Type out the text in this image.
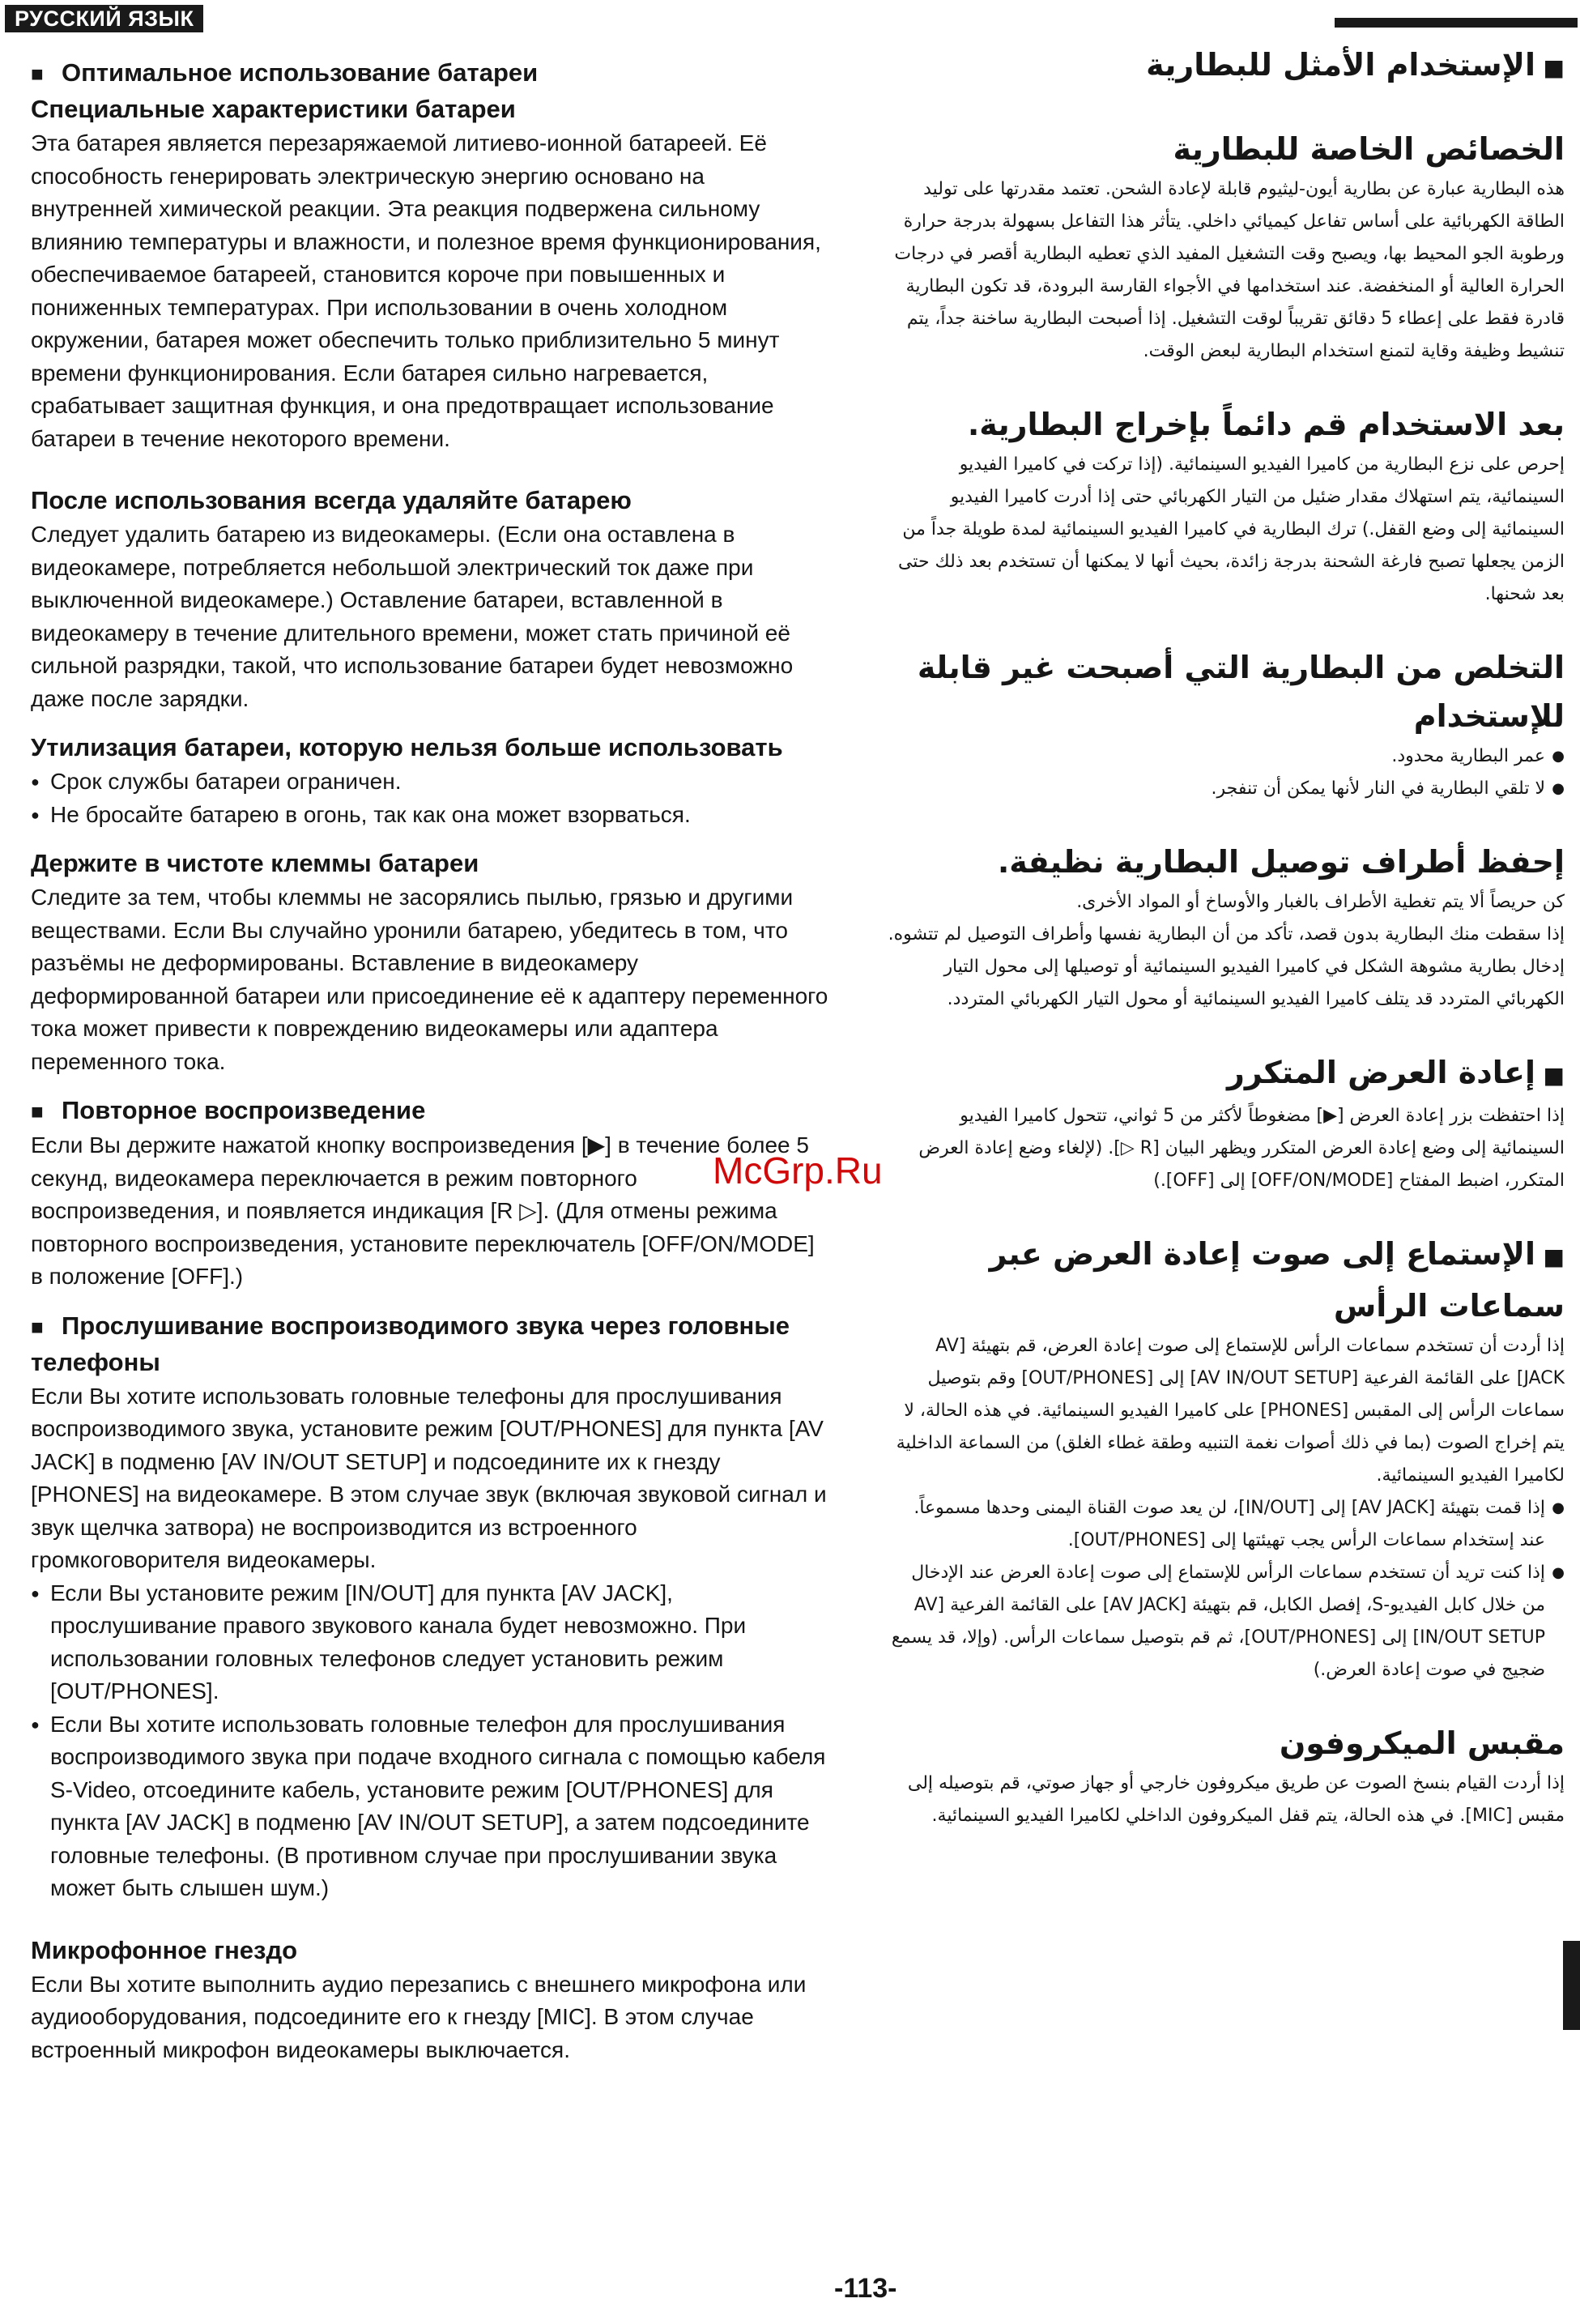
РУССКИЙ ЯЗЫК
■ Оптимальное использование батареи
Специальные характеристики батареи

Эта батарея является перезаряжаемой литиево-ионной батареей. Её способность генерировать электрическую энергию основано на внутренней химической реакции. Эта реакция подвержена сильному влиянию температуры и влажности, и полезное время функционирования, обеспечиваемое батареей, становится короче при повышенных и пониженных температурах. При использовании в очень холодном окружении, батарея может обеспечить только приблизительно 5 минут времени функционирования. Если батарея сильно нагревается, срабатывает защитная функция, и она предотвращает использование батареи в течение некоторого времени.

После использования всегда удаляйте батарею

Следует удалить батарею из видеокамеры. (Если она оставлена в видеокамере, потребляется небольшой электрический ток даже при выключенной видеокамере.) Оставление батареи, вставленной в видеокамеру в течение длительного времени, может стать причиной её сильной разрядки, такой, что использование батареи будет невозможно даже после зарядки.

Утилизация батареи, которую нельзя больше использовать

● Срок службы батареи ограничен.

● Не бросайте батарею в огонь, так как она может взорваться.

Держите в чистоте клеммы батареи

Следите за тем, чтобы клеммы не засорялись пылью, грязью и другими веществами. Если Вы случайно уронили батарею, убедитесь в том, что разъёмы не деформированы. Вставление в видеокамеру деформированной батареи или присоединение её к адаптеру переменного тока может привести к повреждению видеокамеры или адаптера переменного тока.

■ Повторное воспроизведение

Если Вы держите нажатой кнопку воспроизведения [▶] в течение более 5 секунд, видеокамера переключается в режим повторного воспроизведения, и появляется индикация [R ▷]. (Для отмены режима повторного воспроизведения, установите переключатель [OFF/ON/MODE] в положение [OFF].)

■ Прослушивание воспроизводимого звука через головные телефоны

Если Вы хотите использовать головные телефоны для прослушивания воспроизводимого звука, установите режим [OUT/PHONES] для пункта [AV JACK] в подменю [AV IN/OUT SETUP] и подсоедините их к гнезду [PHONES] на видеокамере. В этом случае звук (включая звуковой сигнал и звук щелчка затвора) не воспроизводится из встроенного громкоговорителя видеокамеры.

● Если Вы установите режим [IN/OUT] для пункта [AV JACK], прослушивание правого звукового канала будет невозможно. При использовании головных телефонов следует установить режим [OUT/PHONES].

● Если Вы хотите использовать головные телефон для прослушивания воспроизводимого звука при подаче входного сигнала с помощью кабеля S-Video, отсоедините кабель, установите режим [OUT/PHONES] для пункта [AV JACK] в подменю [AV IN/OUT SETUP], а затем подсоедините головные телефоны. (В противном случае при прослушивании звука может быть слышен шум.)

Микрофонное гнездо

Если Вы хотите выполнить аудио перезапись с внешнего микрофона или аудиооборудования, подсоедините его к гнезду [MIC]. В этом случае встроенный микрофон видеокамеры выключается.

■ الإستخدام الأمثل للبطارية
الخصائص الخاصة للبطارية

هذه البطارية عبارة عن بطارية أيون-ليثيوم قابلة لإعادة الشحن. تعتمد مقدرتها على توليد الطاقة الكهربائية على أساس تفاعل كيميائي داخلي. يتأثر هذا التفاعل بسهولة بدرجة حرارة ورطوبة الجو المحيط بها، ويصبح وقت التشغيل المفيد الذي تعطيه البطارية أقصر في درجات الحرارة العالية أو المنخفضة. عند استخدامها في الأجواء القارسة البرودة، قد تكون البطارية قادرة فقط على إعطاء 5 دقائق تقريباً لوقت التشغيل. إذا أصبحت البطارية ساخنة جداً، يتم تنشيط وظيفة وقاية لتمنع استخدام البطارية لبعض الوقت.

بعد الاستخدام قم دائماً بإخراج البطارية.

إحرص على نزع البطارية من كاميرا الفيديو السينمائية. (إذا تركت في كاميرا الفيديو السينمائية، يتم استهلاك مقدار ضئيل من التيار الكهربائي حتى إذا أدرت كاميرا الفيديو السينمائية إلى وضع القفل.) ترك البطارية في كاميرا الفيديو السينمائية لمدة طويلة جداً من الزمن يجعلها تصبح فارغة الشحنة بدرجة زائدة، بحيث أنها لا يمكنها أن تستخدم بعد ذلك حتى بعد شحنها.

التخلص من البطارية التي أصبحت غير قابلة للإستخدام

● عمر البطارية محدود.

● لا تلقي البطارية في النار لأنها يمكن أن تنفجر.

إحفظ أطراف توصيل البطارية نظيفة.

كن حريصاً ألا يتم تغطية الأطراف بالغبار والأوساخ أو المواد الأخرى.

إذا سقطت منك البطارية بدون قصد، تأكد من أن البطارية نفسها وأطراف التوصيل لم تتشوه.

إدخال بطارية مشوهة الشكل في كاميرا الفيديو السينمائية أو توصيلها إلى محول التيار الكهربائي المتردد قد يتلف كاميرا الفيديو السينمائية أو محول التيار الكهربائي المتردد.

■ إعادة العرض المتكرر

إذا احتفظت بزر إعادة العرض [▶] مضغوطاً لأكثر من 5 ثواني، تتحول كاميرا الفيديو السينمائية إلى وضع إعادة العرض المتكرر ويظهر البيان [R ▷]. (لإلغاء وضع إعادة العرض المتكرر، اضبط المفتاح [OFF/ON/MODE] إلى [OFF].)

■ الإستماع إلى صوت إعادة العرض عبر سماعات الرأس

إذا أردت أن تستخدم سماعات الرأس للإستماع إلى صوت إعادة العرض، قم بتهيئة [AV JACK] على القائمة الفرعية [AV IN/OUT SETUP] إلى [OUT/PHONES] وقم بتوصيل سماعات الرأس إلى المقبس [PHONES] على كاميرا الفيديو السينمائية. في هذه الحالة، لا يتم إخراج الصوت (بما في ذلك أصوات نغمة التنبيه وطقة غطاء الغلق) من السماعة الداخلية لكاميرا الفيديو السينمائية.

● إذا قمت بتهيئة [AV JACK] إلى [IN/OUT]، لن يعد صوت القناة اليمنى وحدها مسموعاً. عند إستخدام سماعات الرأس يجب تهيئتها إلى [OUT/PHONES].

● إذا كنت تريد أن تستخدم سماعات الرأس للإستماع إلى صوت إعادة العرض عند الإدخال من خلال كابل الفيديو-S، إفصل الكابل، قم بتهيئة [AV JACK] على القائمة الفرعية [AV IN/OUT SETUP] إلى [OUT/PHONES]، ثم قم بتوصيل سماعات الرأس. (وإلا، قد يسمع ضجيج في صوت إعادة العرض.)

مقبس الميكروفون

إذا أردت القيام بنسخ الصوت عن طريق ميكروفون خارجي أو جهاز صوتي، قم بتوصيله إلى مقبس [MIC]. في هذه الحالة، يتم قفل الميكروفون الداخلي لكاميرا الفيديو السينمائية.

McGrp.Ru
-113-
